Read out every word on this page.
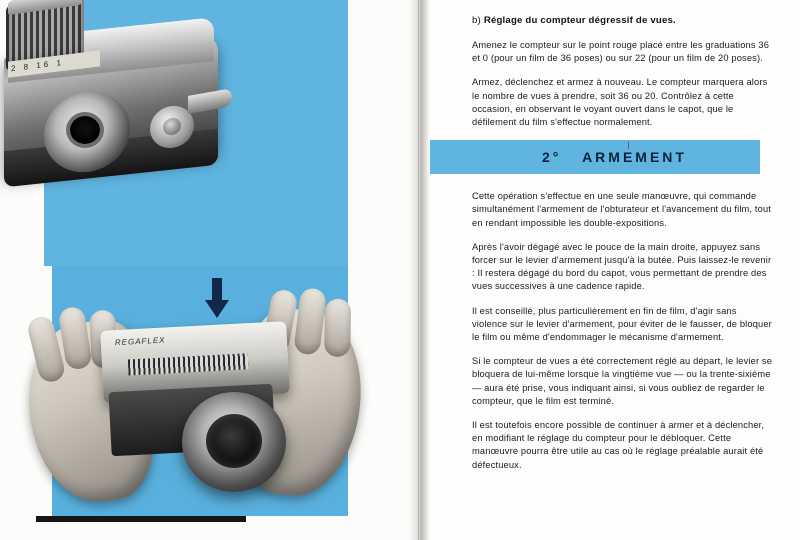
2 8 16 1
REGAFLEX

b) Réglage du compteur dégressif de vues.

Amenez le compteur sur le point rouge placé entre les graduations 36 et 0 (pour un film de 36 poses) ou sur 22 (pour un film de 20 poses).

Armez, déclenchez et armez à nouveau. Le compteur marquera alors le nombre de vues à prendre, soit 36 ou 20. Contrôlez à cette occasion, en observant le voyant ouvert dans le capot, que le défilement du film s'effectue normalement.

2° ARMEMENT

Cette opération s'effectue en une seule manœuvre, qui commande simultanément l'armement de l'obturateur et l'avancement du film, tout en rendant impossible les double-expositions.

Après l'avoir dégagé avec le pouce de la main droite, appuyez sans forcer sur le levier d'armement jusqu'à la butée. Puis laissez-le revenir : Il restera dégagé du bord du capot, vous permettant de prendre des vues successives à une cadence rapide.

Il est conseillé, plus particulièrement en fin de film, d'agir sans violence sur le levier d'armement, pour éviter de le fausser, de bloquer le film ou même d'endommager le mécanisme d'armement.

Si le compteur de vues a été correctement réglé au départ, le levier se bloquera de lui-même lorsque la vingtième vue — ou la trente-sixième — aura été prise, vous indiquant ainsi, si vous oubliez de regarder le compteur, que le film est terminé.

Il est toutefois encore possible de continuer à armer et à déclencher, en modifiant le réglage du compteur pour le débloquer. Cette manœuvre pourra être utile au cas où le réglage préalable aurait été défectueux.
